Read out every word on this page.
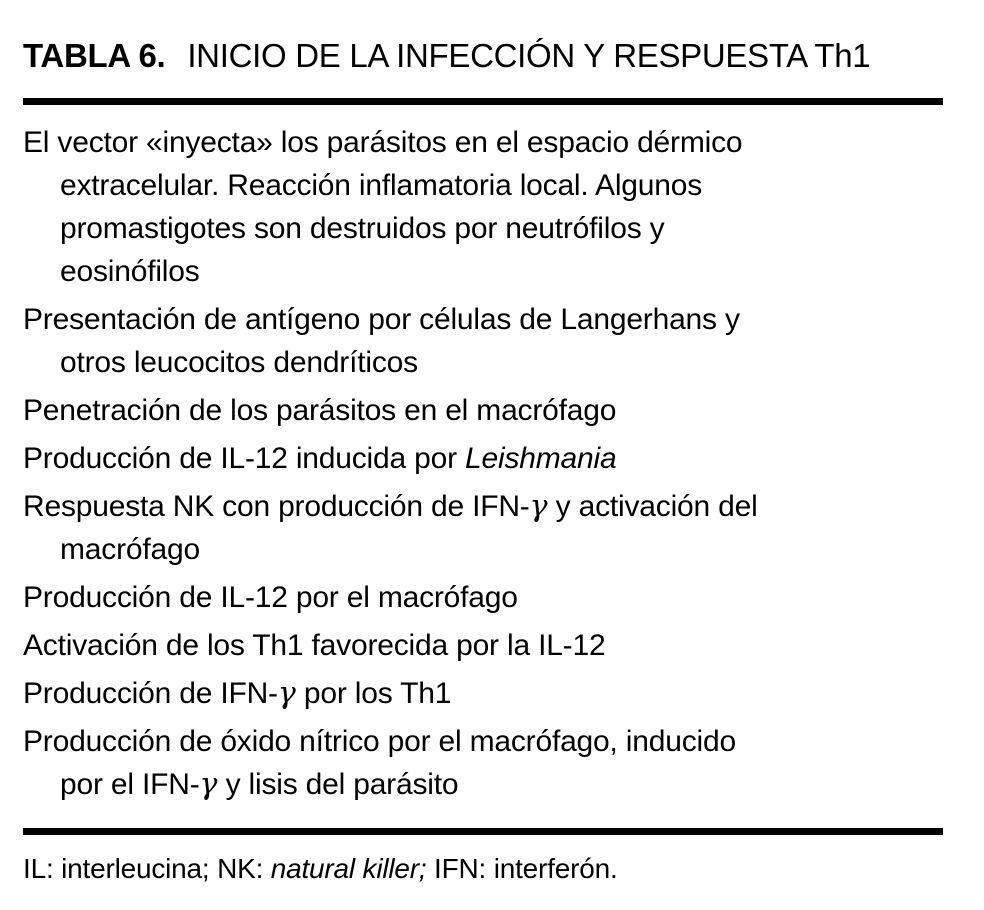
TABLA 6. INICIO DE LA INFECCIÓN Y RESPUESTA Th1
El vector «inyecta» los parásitos en el espacio dérmico
extracelular. Reacción inflamatoria local. Algunos
promastigotes son destruidos por neutrófilos y
eosinófilos
Presentación de antígeno por células de Langerhans y
otros leucocitos dendríticos
Penetración de los parásitos en el macrófago
Producción de IL-12 inducida por Leishmania
Respuesta NK con producción de IFN-γ y activación del
macrófago
Producción de IL-12 por el macrófago
Activación de los Th1 favorecida por la IL-12
Producción de IFN-γ por los Th1
Producción de óxido nítrico por el macrófago, inducido
por el IFN-γ y lisis del parásito
IL: interleucina; NK: natural killer; IFN: interferón.
